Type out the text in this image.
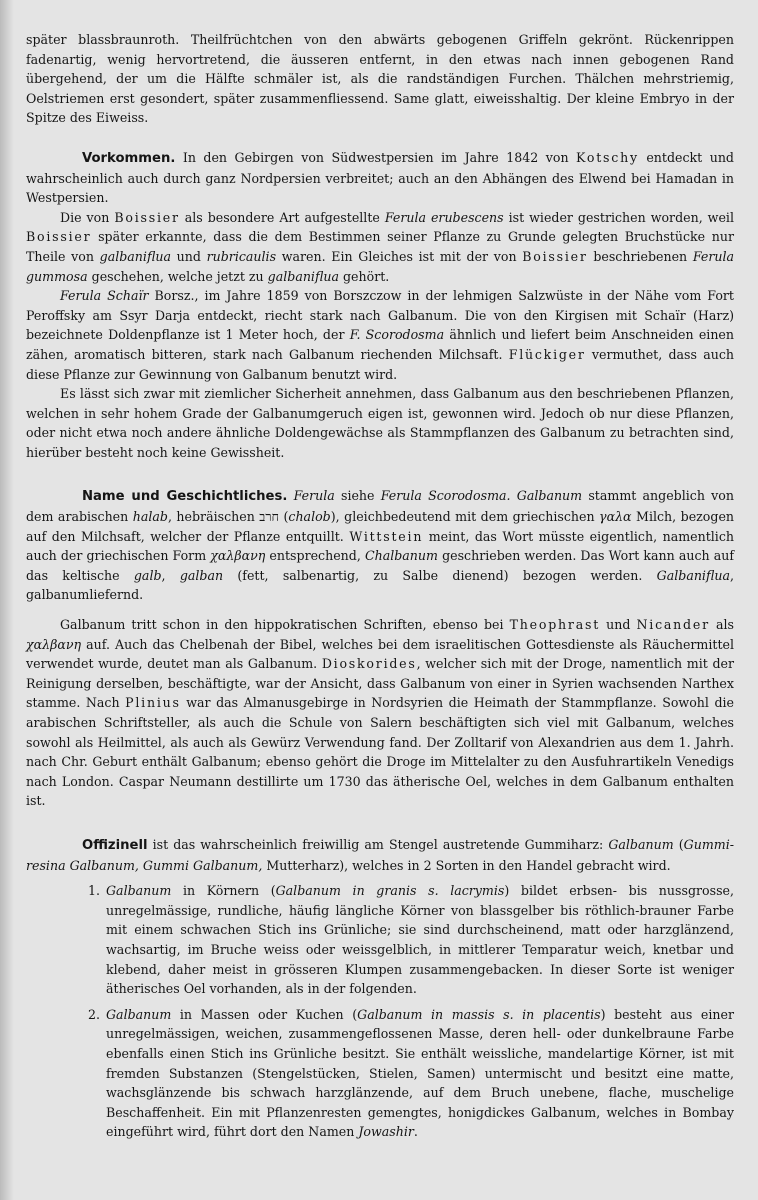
später blassbraunroth. Theilfrüchtchen von den abwärts gebogenen Griffeln gekrönt. Rückenrippen fadenartig, wenig hervortretend, die äusseren entfernt, in den etwas nach innen gebogenen Rand übergehend, der um die Hälfte schmäler ist, als die randständigen Furchen. Thälchen mehrstriemig, Oelstriemen erst gesondert, später zusammenfliessend. Same glatt, eiweisshaltig. Der kleine Embryo in der Spitze des Eiweiss.

Vorkommen. In den Gebirgen von Südwestpersien im Jahre 1842 von Kotschy entdeckt und wahrscheinlich auch durch ganz Nordpersien verbreitet; auch an den Abhängen des Elwend bei Hamadan in Westpersien.

Die von Boissier als besondere Art aufgestellte Ferula erubescens ist wieder gestrichen worden, weil Boissier später erkannte, dass die dem Bestimmen seiner Pflanze zu Grunde gelegten Bruchstücke nur Theile von galbaniflua und rubricaulis waren. Ein Gleiches ist mit der von Boissier beschriebenen Ferula gummosa geschehen, welche jetzt zu galbaniflua gehört.

Ferula Schaïr Borsz., im Jahre 1859 von Borszczow in der lehmigen Salzwüste in der Nähe vom Fort Peroffsky am Ssyr Darja entdeckt, riecht stark nach Galbanum. Die von den Kirgisen mit Schaïr (Harz) bezeichnete Doldenpflanze ist 1 Meter hoch, der F. Scorodosma ähnlich und liefert beim Anschneiden einen zähen, aromatisch bitteren, stark nach Galbanum riechenden Milchsaft. Flückiger vermuthet, dass auch diese Pflanze zur Gewinnung von Galbanum benutzt wird.

Es lässt sich zwar mit ziemlicher Sicherheit annehmen, dass Galbanum aus den beschriebenen Pflanzen, welchen in sehr hohem Grade der Galbanumgeruch eigen ist, gewonnen wird. Jedoch ob nur diese Pflanzen, oder nicht etwa noch andere ähnliche Doldengewächse als Stammpflanzen des Galbanum zu betrachten sind, hierüber besteht noch keine Gewissheit.

Name und Geschichtliches. Ferula siehe Ferula Scorodosma. Galbanum stammt angeblich von dem arabischen halab, hebräischen חרב (chalob), gleichbedeutend mit dem griechischen γαλα Milch, bezogen auf den Milchsaft, welcher der Pflanze entquillt. Wittstein meint, das Wort müsste eigentlich, namentlich auch der griechischen Form χαλβανη entsprechend, Chalbanum geschrieben werden. Das Wort kann auch auf das keltische galb, galban (fett, salbenartig, zu Salbe dienend) bezogen werden. Galbaniflua, galbanumliefernd.

Galbanum tritt schon in den hippokratischen Schriften, ebenso bei Theophrast und Nicander als χαλβανη auf. Auch das Chelbenah der Bibel, welches bei dem israelitischen Gottesdienste als Räuchermittel verwendet wurde, deutet man als Galbanum. Dioskorides, welcher sich mit der Droge, namentlich mit der Reinigung derselben, beschäftigte, war der Ansicht, dass Galbanum von einer in Syrien wachsenden Narthex stamme. Nach Plinius war das Almanusgebirge in Nordsyrien die Heimath der Stammpflanze. Sowohl die arabischen Schriftsteller, als auch die Schule von Salern beschäftigten sich viel mit Galbanum, welches sowohl als Heilmittel, als auch als Gewürz Verwendung fand. Der Zolltarif von Alexandrien aus dem 1. Jahrh. nach Chr. Geburt enthält Galbanum; ebenso gehört die Droge im Mittelalter zu den Ausfuhrartikeln Venedigs nach London. Caspar Neumann destillirte um 1730 das ätherische Oel, welches in dem Galbanum enthalten ist.

Offizinell ist das wahrscheinlich freiwillig am Stengel austretende Gummiharz: Galbanum (Gummi-resina Galbanum, Gummi Galbanum, Mutterharz), welches in 2 Sorten in den Handel gebracht wird.

1. Galbanum in Körnern (Galbanum in granis s. lacrymis) bildet erbsen- bis nussgrosse, unregelmässige, rundliche, häufig längliche Körner von blassgelber bis röthlich-brauner Farbe mit einem schwachen Stich ins Grünliche; sie sind durchscheinend, matt oder harzglänzend, wachsartig, im Bruche weiss oder weissgelblich, in mittlerer Temparatur weich, knetbar und klebend, daher meist in grösseren Klumpen zusammengebacken. In dieser Sorte ist weniger ätherisches Oel vorhanden, als in der folgenden.
2. Galbanum in Massen oder Kuchen (Galbanum in massis s. in placentis) besteht aus einer unregelmässigen, weichen, zusammengeflossenen Masse, deren hell- oder dunkelbraune Farbe ebenfalls einen Stich ins Grünliche besitzt. Sie enthält weissliche, mandelartige Körner, ist mit fremden Substanzen (Stengelstücken, Stielen, Samen) untermischt und besitzt eine matte, wachsglänzende bis schwach harzglänzende, auf dem Bruch unebene, flache, muschelige Beschaffenheit. Ein mit Pflanzenresten gemengtes, honigdickes Galbanum, welches in Bombay eingeführt wird, führt dort den Namen Jowashir.
